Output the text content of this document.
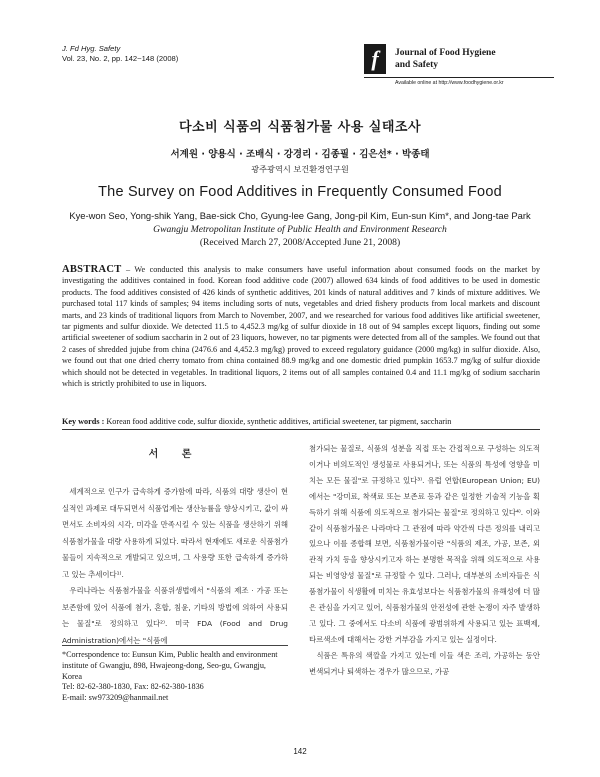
J. Fd Hyg. Safety
Vol. 23, No. 2, pp. 142~148 (2008)	f Journal of Food Hygiene
and Safety
Available online at http://www.foodhygiene.or.kr
다소비 식품의 식품첨가물 사용 실태조사
서계원 · 양용식 · 조배식 · 강경리 · 김종필 · 김은선* · 박종태
광주광역시 보건환경연구원
The Survey on Food Additives in Frequently Consumed Food
Kye-won Seo, Yong-shik Yang, Bae-sick Cho, Gyung-lee Gang, Jong-pil Kim, Eun-sun Kim*, and Jong-tae Park
Gwangju Metropolitan Institute of Public Health and Environment Research
(Received March 27, 2008/Accepted June 21, 2008)
ABSTRACT – We conducted this analysis to make consumers have useful information about consumed foods on the market by investigating the additives contained in food. Korean food additive code (2007) allowed 634 kinds of food additives to be used in domestic products. The food additives consisted of 426 kinds of synthetic additives, 201 kinds of natural additives and 7 kinds of mixture additives. We purchased total 117 kinds of samples; 94 items including sorts of nuts, vegetables and dried fishery products from local markets and discount marts, and 23 kinds of traditional liquors from March to November, 2007, and we researched for various food additives like artificial sweetener, tar pigments and sulfur dioxide. We detected 11.5 to 4,452.3 mg/kg of sulfur dioxide in 18 out of 94 samples except liquors, finding out some artificial sweetener of sodium saccharin in 2 out of 23 liquors, however, no tar pigments were detected from all of the samples. We found out that 2 cases of shredded jujube from china (2476.6 and 4,452.3 mg/kg) proved to exceed regulatory guidance (2000 mg/kg) in sulfur dioxide. Also, we found out that one dried cherry tomato from china contained 88.9 mg/kg and one domestic dried pumpkin 1653.7 mg/kg of sulfur dioxide which should not be detected in vegetables. In traditional liquors, 2 items out of all samples contained 0.4 and 11.1 mg/kg of sodium saccharin which is strictly prohibited to use in liquors.
Key words : Korean food additive code, sulfur dioxide, synthetic additives, artificial sweetener, tar pigment, saccharin

서 론

세계적으로 인구가 급속하게 증가함에 따라, 식품의 대량 생산이 현실적인 과제로 대두되면서 식품업계는 생산능률을 향상시키고, 값이 싸면서도 소비자의 시각, 미각을 만족시킬 수 있는 식품을 생산하기 위해 식품첨가물을 대량 사용하게 되었다. 따라서 현재에도 새로운 식품첨가물들이 지속적으로 개발되고 있으며, 그 사용량 또한 급속하게 증가하고 있는 추세이다¹⁾.

우리나라는 식품첨가물을 식품위생법에서 "식품의 제조 · 가공 또는 보존함에 있어 식품에 첨가, 혼합, 침윤, 기타의 방법에 의하여 사용되는 물질"로 정의하고 있다²⁾. 미국 FDA (Food and Drug Administration)에서는 "식품에

*Correspondence to: Eunsun Kim, Public health and environment institute of Gwangju, 898, Hwajeong-dong, Seo-gu, Gwangju, Korea

Tel: 82-62-380-1830, Fax: 82-62-380-1836

E-mail: sw973209@hanmail.net

첨가되는 물질로, 식품의 성분을 직접 또는 간접적으로 구성하는 의도적이거나 비의도적인 생성물로 사용되거나, 또는 식품의 특성에 영향을 미치는 모든 물질"로 규정하고 있다³⁾. 유럽 연합(European Union; EU)에서는 "강미료, 착색료 또는 보존료 등과 같은 일정한 기술적 기능을 획득하기 위해 식품에 의도적으로 첨가되는 물질"로 정의하고 있다⁴⁾. 이와 같이 식품첨가물은 나라마다 그 관점에 따라 약간씩 다른 정의를 내리고 있으나 이를 종합해 보면, 식품첨가물이란 "식품의 제조, 가공, 보존, 외관적 가치 등을 향상시키고자 하는 분명한 목적을 위해 의도적으로 사용되는 비영양성 물질"로 규정할 수 있다. 그러나, 대부분의 소비자들은 식품첨가물이 식생활에 미치는 유효성보다는 식품첨가물의 유해성에 더 많은 관심을 가지고 있어, 식품첨가물의 안전성에 관한 논쟁이 자주 발생하고 있다. 그 중에서도 다소비 식품에 광범위하게 사용되고 있는 표백제, 타르색소에 대해서는 강한 거부감을 가지고 있는 실정이다.

식품은 특유의 색깔을 가지고 있는데 이들 색은 조리, 가공하는 동안 변색되거나 퇴색하는 경우가 많으므로, 가공

142
